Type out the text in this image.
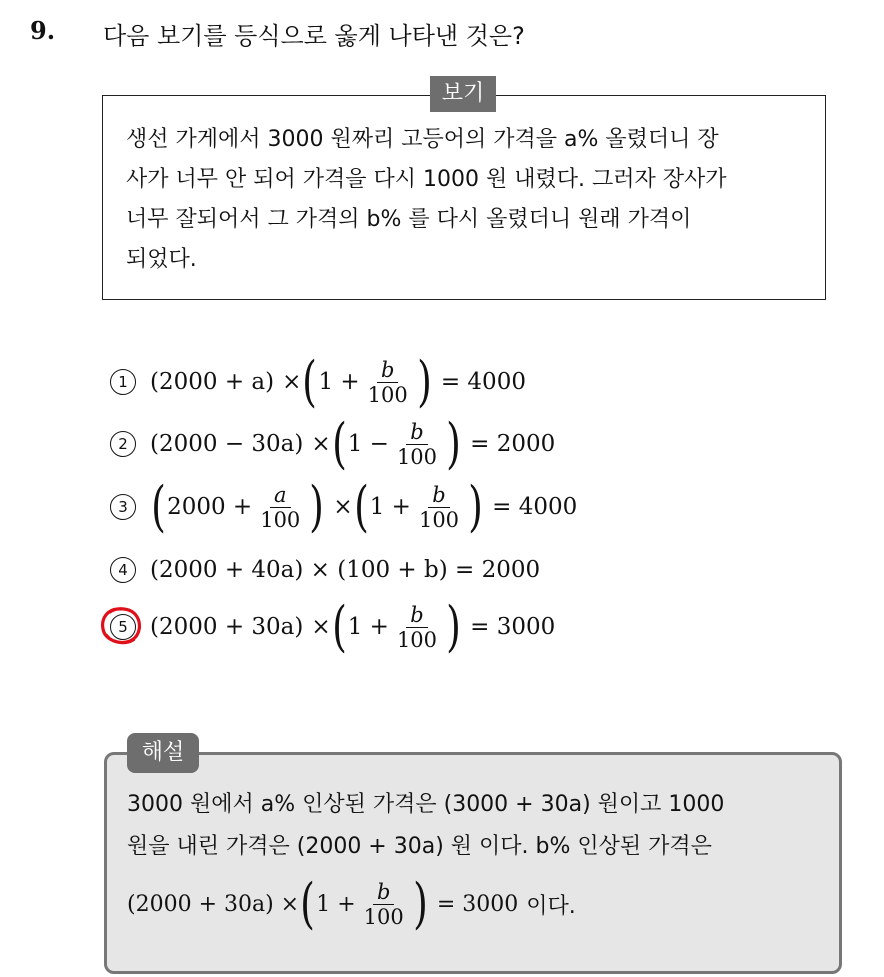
9. 다음 보기를 등식으로 옳게 나타낸 것은?
보기
생선 가게에서 3000 원짜리 고등어의 가격을 a% 올렸더니 장
사가 너무 안 되어 가격을 다시 1000 원 내렸다. 그러자 장사가
너무 잘되어서 그 가격의 b% 를 다시 올렸더니 원래 가격이
되었다.
1 (2000 + a) × ( $1 + \frac{b}{100}$ ) = 4000
2 (2000 − 30a) × ( $1 - \frac{b}{100}$ ) = 2000
3 ( $2000 + \frac{a}{100}$ ) × ( $1 + \frac{b}{100}$ ) = 4000
4 (2000 + 40a) × (100 + b) = 2000
5 (2000 + 30a) × ( $1 + \frac{b}{100}$ ) = 3000
해설
3000 원에서 a% 인상된 가격은 (3000 + 30a) 원이고 1000
원을 내린 가격은 (2000 + 30a) 원 이다. b% 인상된 가격은
(2000 + 30a) × ( $1 + \frac{b}{100}$ ) = 3000 이다.
